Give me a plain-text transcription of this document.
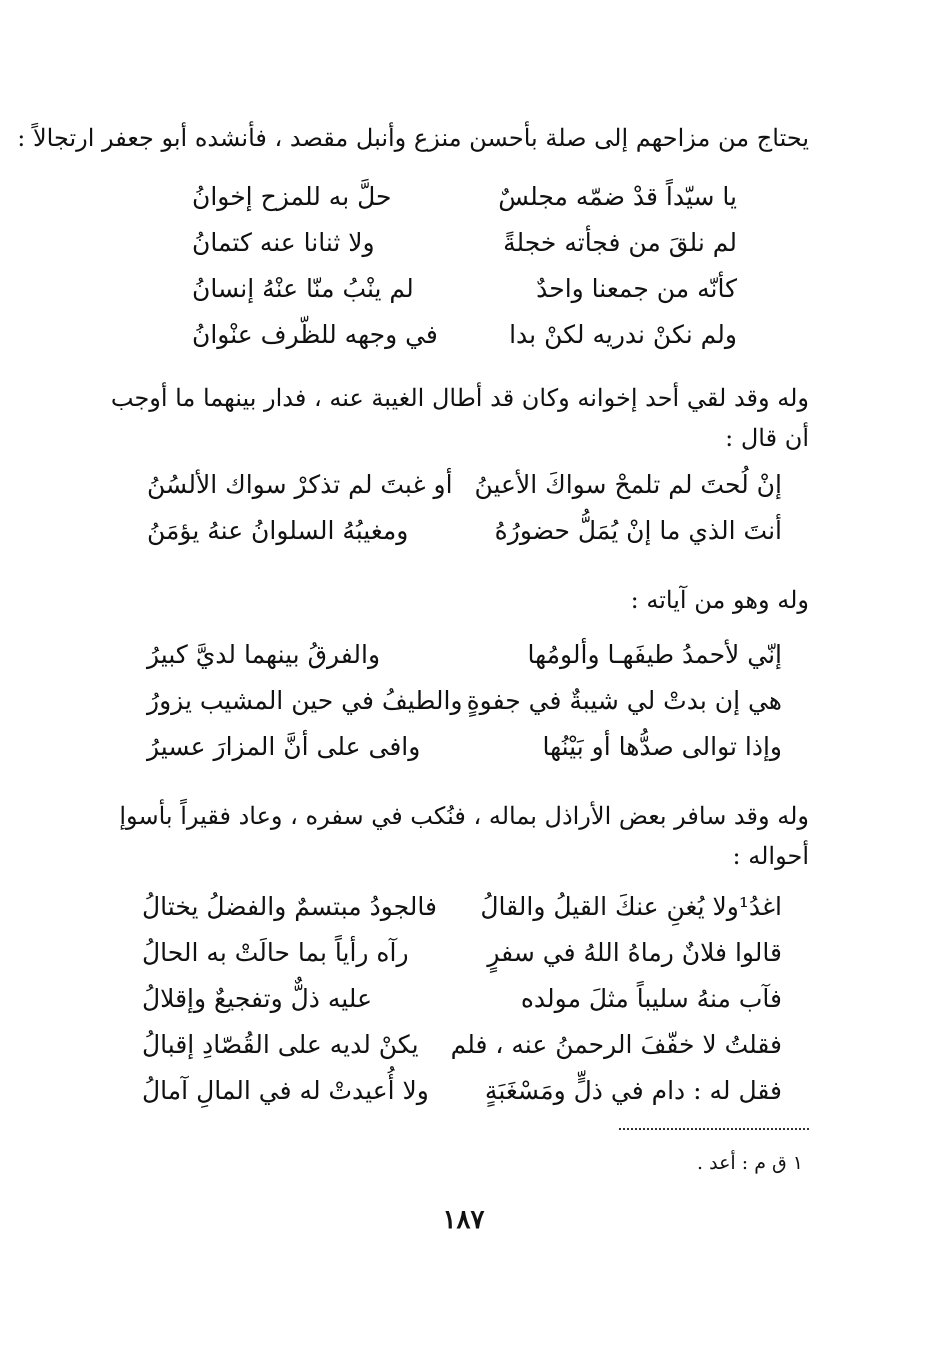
يحتاج من مزاحهم إلى صلة بأحسن منزع وأنبل مقصد ، فأنشده أبو جعفر ارتجالاً :
يا سيّداً قدْ ضمّه مجلسٌ
حلَّ به للمزح إخوانُ
لم نلقَ من فجأته خجلةً
ولا ثنانا عنه كتمانُ
كأنّه من جمعنا واحدٌ
لم ينْبُ منّا عنْهُ إنسانُ
ولم نكنْ ندريه لكنْ بدا
في وجهه للظّرف عنْوانُ
وله وقد لقي أحد إخوانه وكان قد أطال الغيبة عنه ، فدار بينهما ما أوجب
أن قال :
إنْ لُحتَ لم تلمحْ سواكَ الأعينُ
أو غبتَ لم تذكرْ سواك الألسُنُ
أنتَ الذي ما إنْ يُمَلُّ حضورُهُ
ومغيبُهُ السلوانُ عنهُ يؤمَنُ
وله وهو من آياته :
إنّي لأحمدُ طيفَهـا وألومُها
والفرقُ بينهما لديَّ كبيرُ
هي إن بدتْ لي شيبةٌ في جفوةٍ
والطيفُ في حين المشيب يزورُ
وإذا توالى صدُّها أو بَيْنُها
وافى على أنَّ المزارَ عسيرُ
وله وقد سافر بعض الأراذل بماله ، فنُكب في سفره ، وعاد فقيراً بأسوإ
أحواله :
اغدُ¹ولا يُغنِ عنكَ القيلُ والقالُ
فالجودُ مبتسمٌ والفضلُ يختالُ
قالوا فلانٌ رماهُ اللهُ في سفرٍ
رآه رأياً بما حالَتْ به الحالُ
فآب منهُ سليباً مثلَ مولده
عليه ذلٌّ وتفجيعٌ وإقلالُ
فقلتُ لا خفّفَ الرحمنُ عنه ، فلم
يكنْ لديه على القُصّادِ إقبالُ
فقل له : دام في ذلٍّ ومَسْغَبَةٍ
ولا أُعيدتْ له في المالِ آمالُ
١ ق م : أعد .
١٨٧
